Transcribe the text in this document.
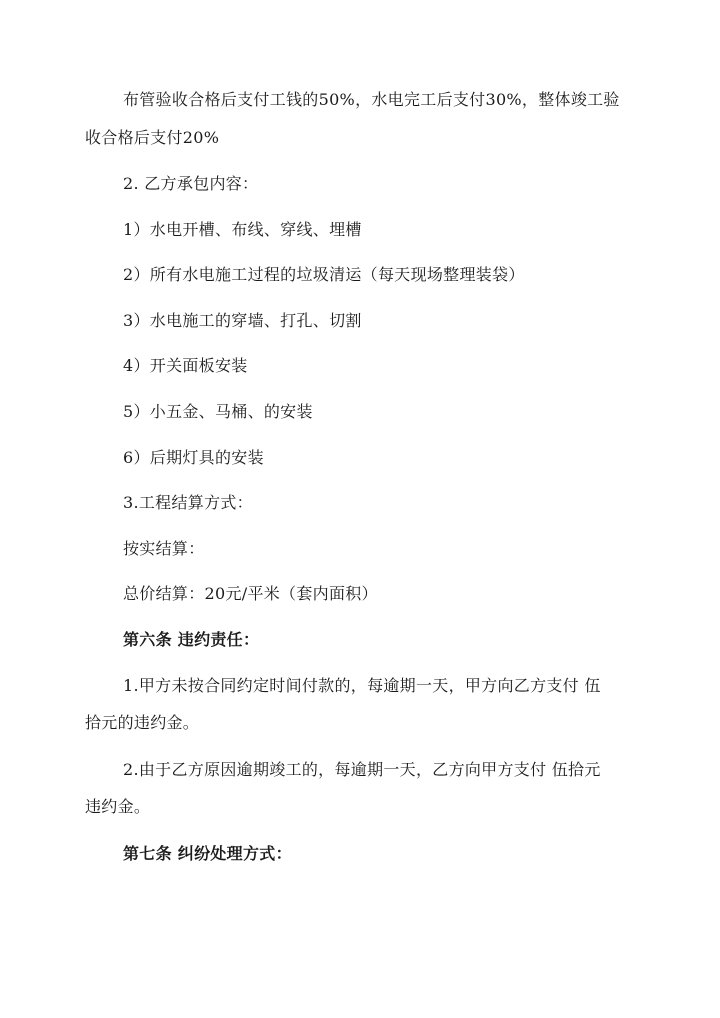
布管验收合格后支付工钱的50%，水电完工后支付30%，整体竣工验
收合格后支付20%
2. 乙方承包内容：
1）水电开槽、布线、穿线、埋槽
2）所有水电施工过程的垃圾清运（每天现场整理装袋）
3）水电施工的穿墙、打孔、切割
4）开关面板安装
5）小五金、马桶、的安装
6）后期灯具的安装
3.工程结算方式：
按实结算：
总价结算：20元/平米（套内面积）
第六条 违约责任：
1.甲方未按合同约定时间付款的，每逾期一天，甲方向乙方支付 伍
拾元的违约金。
2.由于乙方原因逾期竣工的，每逾期一天，乙方向甲方支付 伍拾元
违约金。
第七条 纠纷处理方式：
